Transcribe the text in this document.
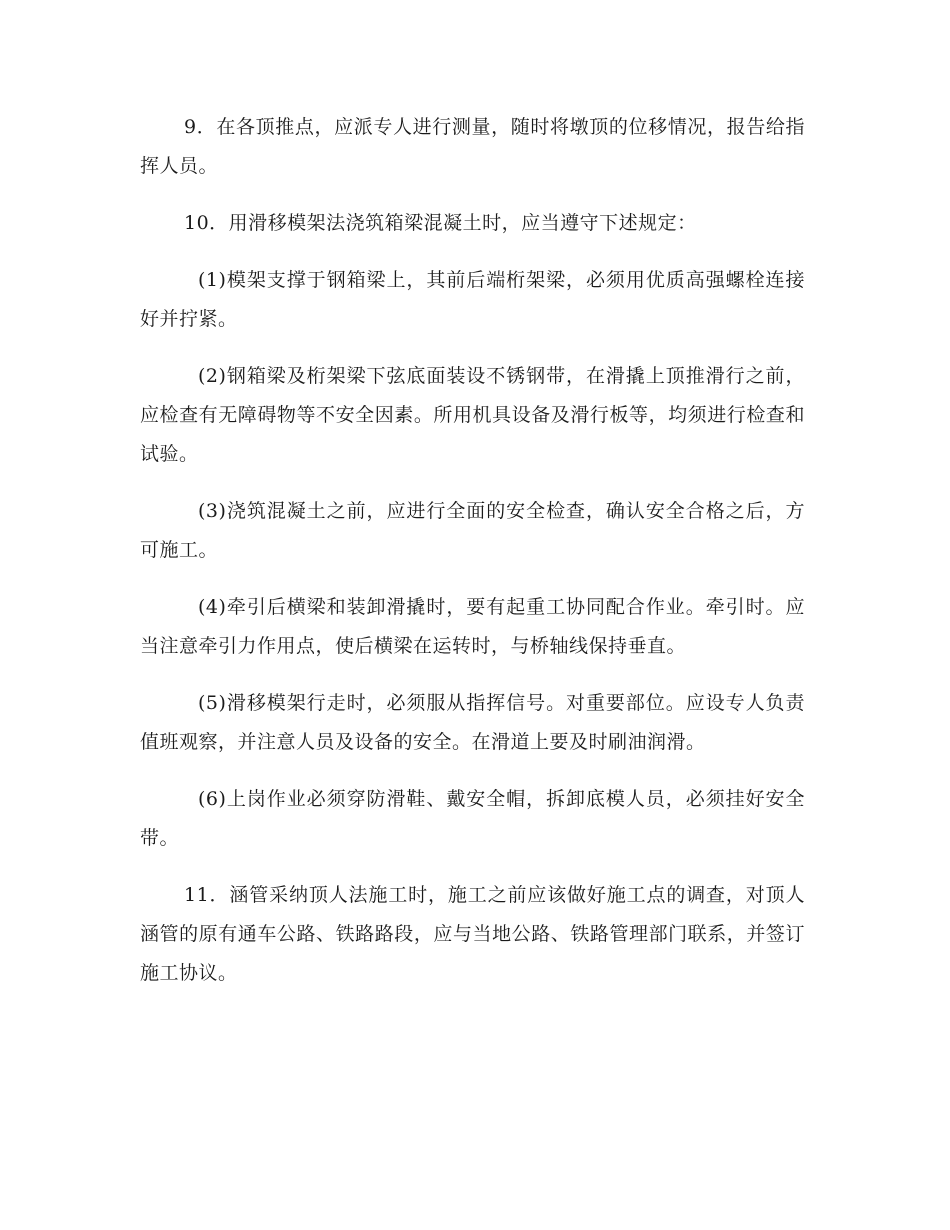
9．在各顶推点，应派专人进行测量，随时将墩顶的位移情况，报告给指挥人员。

10．用滑移模架法浇筑箱梁混凝土时，应当遵守下述规定：

(1)模架支撑于钢箱梁上，其前后端桁架梁，必须用优质高强螺栓连接好并拧紧。

(2)钢箱梁及桁架梁下弦底面装设不锈钢带，在滑撬上顶推滑行之前，应检查有无障碍物等不安全因素。所用机具设备及滑行板等，均须进行检查和试验。

(3)浇筑混凝土之前，应进行全面的安全检查，确认安全合格之后，方可施工。

(4)牵引后横梁和装卸滑撬时，要有起重工协同配合作业。牵引时。应当注意牵引力作用点，使后横梁在运转时，与桥轴线保持垂直。

(5)滑移模架行走时，必须服从指挥信号。对重要部位。应设专人负责值班观察，并注意人员及设备的安全。在滑道上要及时刷油润滑。

(6)上岗作业必须穿防滑鞋、戴安全帽，拆卸底模人员，必须挂好安全带。

11．涵管采纳顶人法施工时，施工之前应该做好施工点的调查，对顶人涵管的原有通车公路、铁路路段，应与当地公路、铁路管理部门联系，并签订施工协议。
